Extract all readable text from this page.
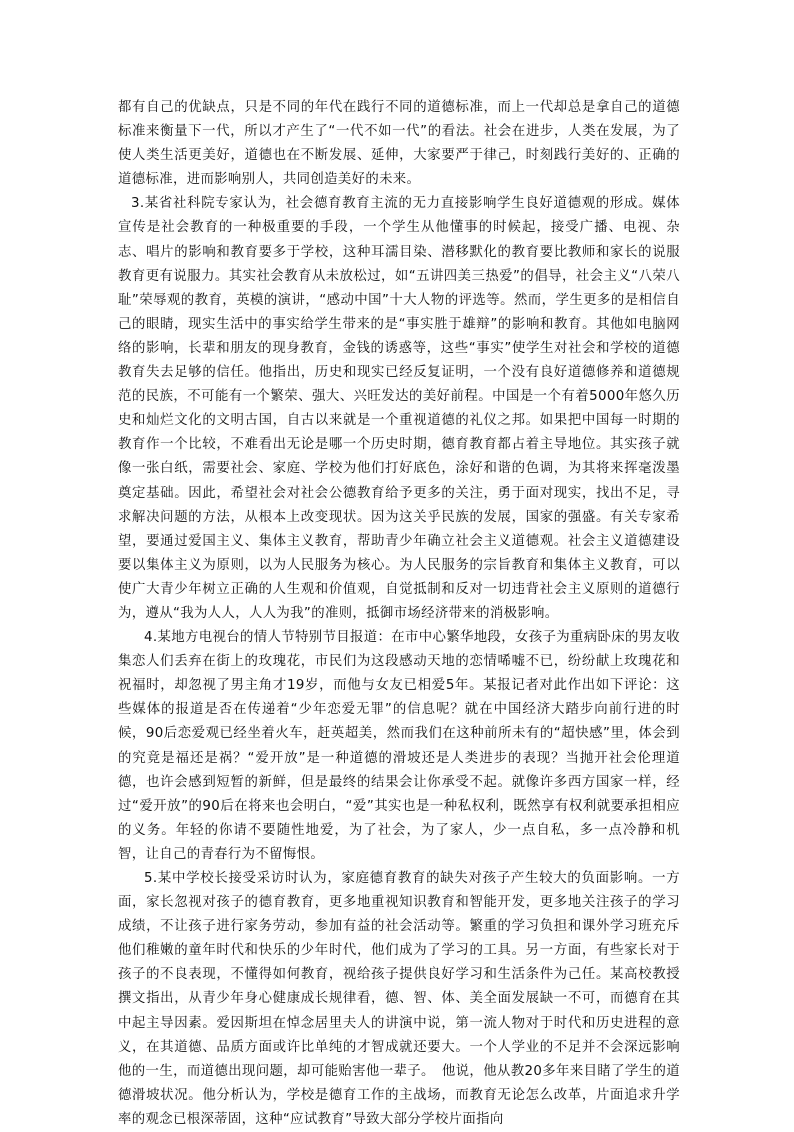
都有自己的优缺点，只是不同的年代在践行不同的道德标准，而上一代却总是拿自己的道德标准来衡量下一代，所以才产生了“一代不如一代”的看法。社会在进步，人类在发展，为了使人类生活更美好，道德也在不断发展、延伸，大家要严于律己，时刻践行美好的、正确的道德标准，进而影响别人，共同创造美好的未来。

3.某省社科院专家认为，社会德育教育主流的无力直接影响学生良好道德观的形成。媒体宣传是社会教育的一种极重要的手段，一个学生从他懂事的时候起，接受广播、电视、杂志、唱片的影响和教育要多于学校，这种耳濡目染、潜移默化的教育要比教师和家长的说服教育更有说服力。其实社会教育从未放松过，如“五讲四美三热爱”的倡导，社会主义“八荣八耻”荣辱观的教育，英模的演讲，“感动中国”十大人物的评选等。然而，学生更多的是相信自己的眼睛，现实生活中的事实给学生带来的是“事实胜于雄辩”的影响和教育。其他如电脑网络的影响，长辈和朋友的现身教育，金钱的诱惑等，这些“事实”使学生对社会和学校的道德教育失去足够的信任。他指出，历史和现实已经反复证明，一个没有良好道德修养和道德规范的民族，不可能有一个繁荣、强大、兴旺发达的美好前程。中国是一个有着5000年悠久历史和灿烂文化的文明古国，自古以来就是一个重视道德的礼仪之邦。如果把中国每一时期的教育作一个比较，不难看出无论是哪一个历史时期，德育教育都占着主导地位。其实孩子就像一张白纸，需要社会、家庭、学校为他们打好底色，涂好和谐的色调，为其将来挥毫泼墨奠定基础。因此，希望社会对社会公德教育给予更多的关注，勇于面对现实，找出不足，寻求解决问题的方法，从根本上改变现状。因为这关乎民族的发展，国家的强盛。有关专家希望，要通过爱国主义、集体主义教育，帮助青少年确立社会主义道德观。社会主义道德建设要以集体主义为原则，以为人民服务为核心。为人民服务的宗旨教育和集体主义教育，可以使广大青少年树立正确的人生观和价值观，自觉抵制和反对一切违背社会主义原则的道德行为，遵从“我为人人，人人为我”的准则，抵御市场经济带来的消极影响。

4.某地方电视台的情人节特别节目报道：在市中心繁华地段，女孩子为重病卧床的男友收集恋人们丢弃在街上的玫瑰花，市民们为这段感动天地的恋情唏嘘不已，纷纷献上玫瑰花和祝福时，却忽视了男主角才19岁，而他与女友已相爱5年。某报记者对此作出如下评论：这些媒体的报道是否在传递着“少年恋爱无罪”的信息呢？就在中国经济大踏步向前行进的时候，90后恋爱观已经坐着火车，赶英超美，然而我们在这种前所未有的“超快感”里，体会到的究竟是福还是祸？“爱开放”是一种道德的滑坡还是人类进步的表现？当抛开社会伦理道德，也许会感到短暂的新鲜，但是最终的结果会让你承受不起。就像许多西方国家一样，经过“爱开放”的90后在将来也会明白，“爱”其实也是一种私权利，既然享有权利就要承担相应的义务。年轻的你请不要随性地爱，为了社会，为了家人，少一点自私，多一点冷静和机智，让自己的青春行为不留悔恨。

5.某中学校长接受采访时认为，家庭德育教育的缺失对孩子产生较大的负面影响。一方面，家长忽视对孩子的德育教育，更多地重视知识教育和智能开发，更多地关注孩子的学习成绩，不让孩子进行家务劳动，参加有益的社会活动等。繁重的学习负担和课外学习班充斥他们稚嫩的童年时代和快乐的少年时代，他们成为了学习的工具。另一方面，有些家长对于孩子的不良表现，不懂得如何教育，视给孩子提供良好学习和生活条件为己任。某高校教授撰文指出，从青少年身心健康成长规律看，德、智、体、美全面发展缺一不可，而德育在其中起主导因素。爱因斯坦在悼念居里夫人的讲演中说，第一流人物对于时代和历史进程的意义，在其道德、品质方面或许比单纯的才智成就还要大。一个人学业的不足并不会深远影响他的一生，而道德出现问题，却可能贻害他一辈子。　他说，他从教20多年来目睹了学生的道德滑坡状况。他分析认为，学校是德育工作的主战场，而教育无论怎么改革，片面追求升学率的观念已根深蒂固，这种“应试教育”导致大部分学校片面指向
